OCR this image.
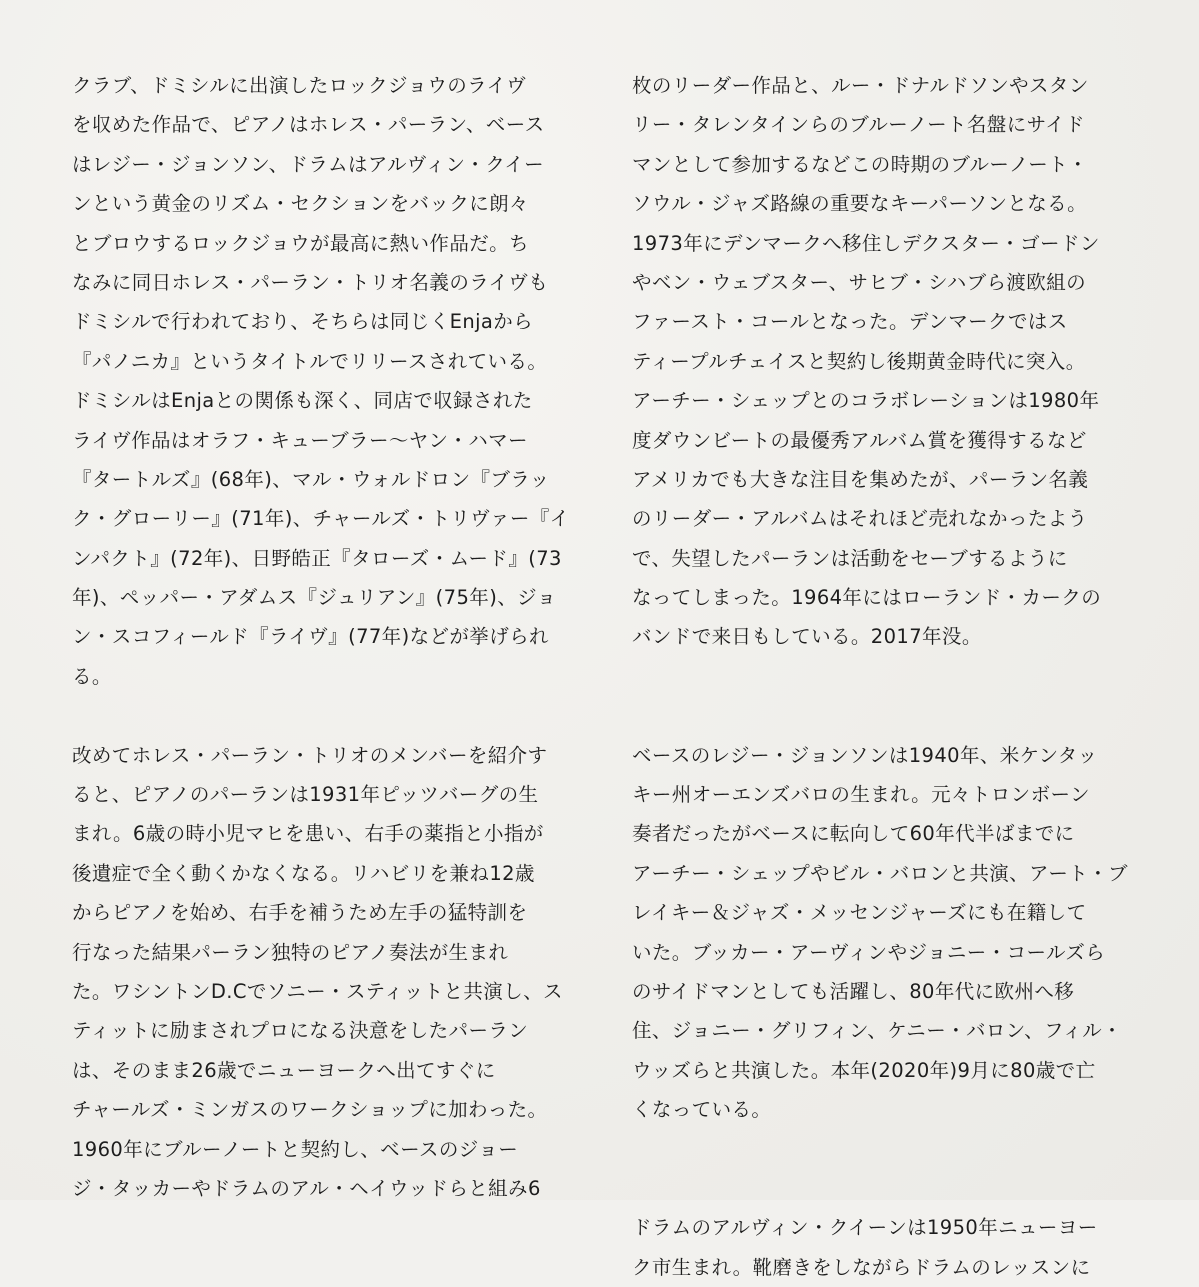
クラブ、ドミシルに出演したロックジョウのライヴ
を収めた作品で、ピアノはホレス・パーラン、ベース
はレジー・ジョンソン、ドラムはアルヴィン・クイー
ンという黄金のリズム・セクションをバックに朗々
とブロウするロックジョウが最高に熱い作品だ。ち
なみに同日ホレス・パーラン・トリオ名義のライヴも
ドミシルで行われており、そちらは同じくEnjaから
『パノニカ』というタイトルでリリースされている。
ドミシルはEnjaとの関係も深く、同店で収録された
ライヴ作品はオラフ・キューブラー〜ヤン・ハマー
『タートルズ』(68年)、マル・ウォルドロン『ブラッ
ク・グローリー』(71年)、チャールズ・トリヴァー『イ
ンパクト』(72年)、日野皓正『タローズ・ムード』(73
年)、ペッパー・アダムス『ジュリアン』(75年)、ジョ
ン・スコフィールド『ライヴ』(77年)などが挙げられ
る。
改めてホレス・パーラン・トリオのメンバーを紹介す
ると、ピアノのパーランは1931年ピッツバーグの生
まれ。6歳の時小児マヒを患い、右手の薬指と小指が
後遺症で全く動くかなくなる。リハビリを兼ね12歳
からピアノを始め、右手を補うため左手の猛特訓を
行なった結果パーラン独特のピアノ奏法が生まれ
た。ワシントンD.Cでソニー・スティットと共演し、ス
ティットに励まされプロになる決意をしたパーラン
は、そのまま26歳でニューヨークへ出てすぐに
チャールズ・ミンガスのワークショップに加わった。
1960年にブルーノートと契約し、ベースのジョー
ジ・タッカーやドラムのアル・ヘイウッドらと組み6
枚のリーダー作品と、ルー・ドナルドソンやスタン
リー・タレンタインらのブルーノート名盤にサイド
マンとして参加するなどこの時期のブルーノート・
ソウル・ジャズ路線の重要なキーパーソンとなる。
1973年にデンマークへ移住しデクスター・ゴードン
やベン・ウェブスター、サヒブ・シハブら渡欧組の
ファースト・コールとなった。デンマークではス
ティープルチェイスと契約し後期黄金時代に突入。
アーチー・シェップとのコラボレーションは1980年
度ダウンビートの最優秀アルバム賞を獲得するなど
アメリカでも大きな注目を集めたが、パーラン名義
のリーダー・アルバムはそれほど売れなかったよう
で、失望したパーランは活動をセーブするように
なってしまった。1964年にはローランド・カークの
バンドで来日もしている。2017年没。
ベースのレジー・ジョンソンは1940年、米ケンタッ
キー州オーエンズバロの生まれ。元々トロンボーン
奏者だったがベースに転向して60年代半ばまでに
アーチー・シェップやビル・バロンと共演、アート・ブ
レイキー＆ジャズ・メッセンジャーズにも在籍して
いた。ブッカー・アーヴィンやジョニー・コールズら
のサイドマンとしても活躍し、80年代に欧州へ移
住、ジョニー・グリフィン、ケニー・バロン、フィル・
ウッズらと共演した。本年(2020年)9月に80歳で亡
くなっている。
ドラムのアルヴィン・クイーンは1950年ニューヨー
ク市生まれ。靴磨きをしながらドラムのレッスンに
